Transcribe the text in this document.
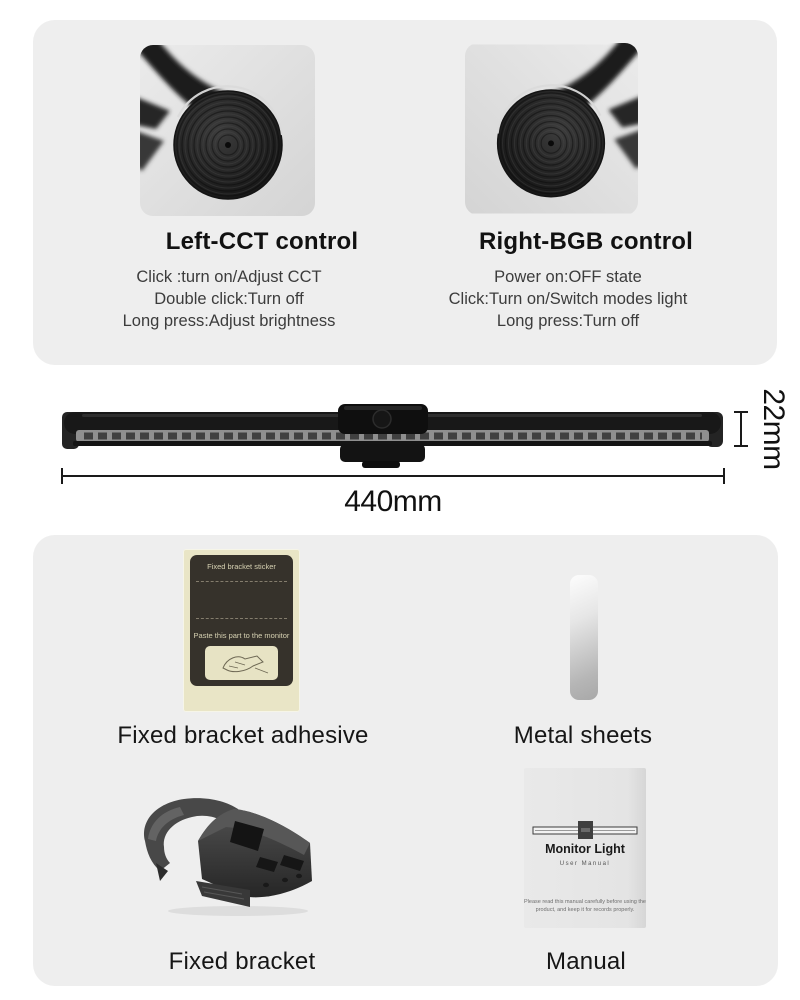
Left-CCT control	Right-BGB control
Click :turn on/Adjust CCT
Double click:Turn off
Long press:Adjust brightness
Power on:OFF state
Click:Turn on/Switch modes light
Long press:Turn off
440mm
22mm
Fixed bracket sticker
Paste this part to the monitor
Fixed bracket adhesive	Metal sheets
Fixed bracket
Monitor Light
User Manual
Please read this manual carefully before using the
product, and keep it for records properly.
Manual
